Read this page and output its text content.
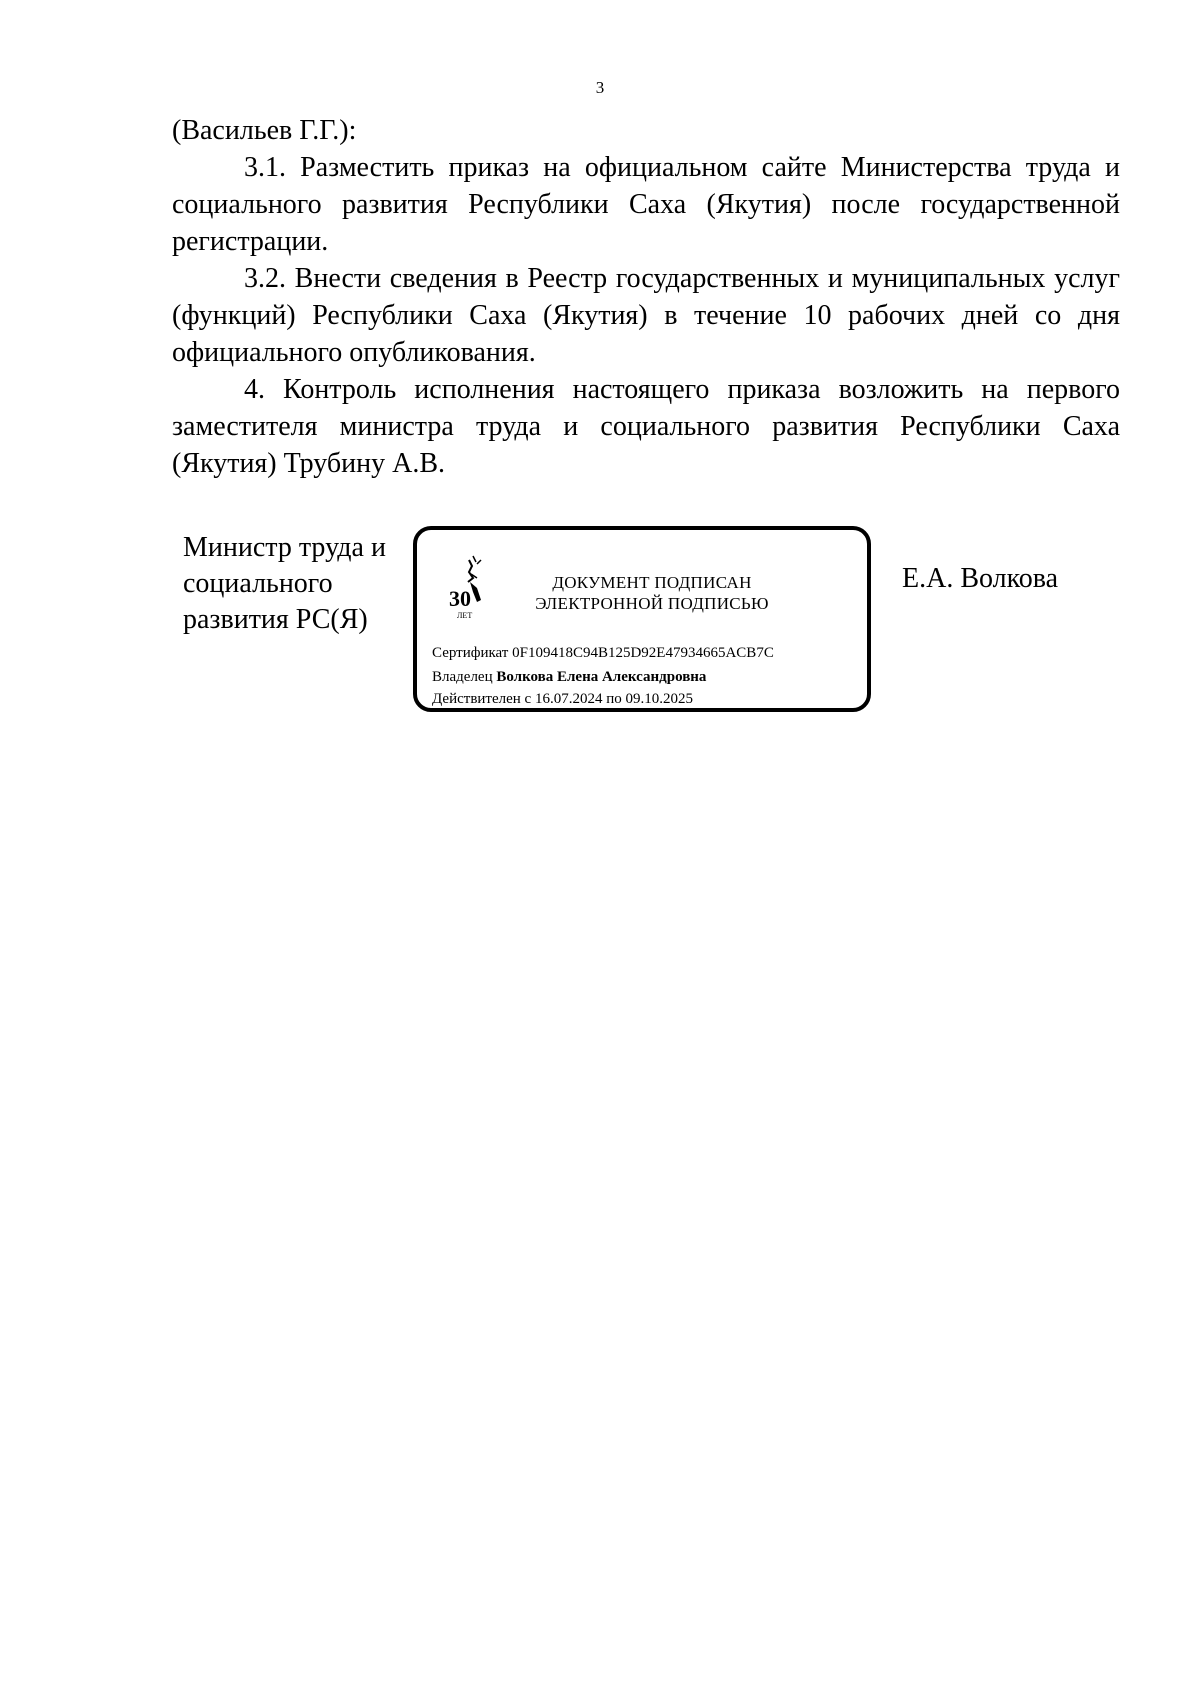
3

(Васильев Г.Г.):

3.1. Разместить приказ на официальном сайте Министерства труда и социального развития Республики Саха (Якутия) после государственной регистрации.

3.2. Внести сведения в Реестр государственных и муниципальных услуг (функций) Республики Саха (Якутия) в течение 10 рабочих дней со дня официального опубликования.

4. Контроль исполнения настоящего приказа возложить на первого заместителя министра труда и социального развития Республики Саха (Якутия) Трубину А.В.

Министр труда и
социального
развития РС(Я)
30
ЛЕТ
ДОКУМЕНТ ПОДПИСАН
ЭЛЕКТРОННОЙ ПОДПИСЬЮ
Сертификат 0F109418C94B125D92E47934665ACB7C
Владелец Волкова Елена Александровна
Действителен с 16.07.2024 по 09.10.2025
Е.А. Волкова
